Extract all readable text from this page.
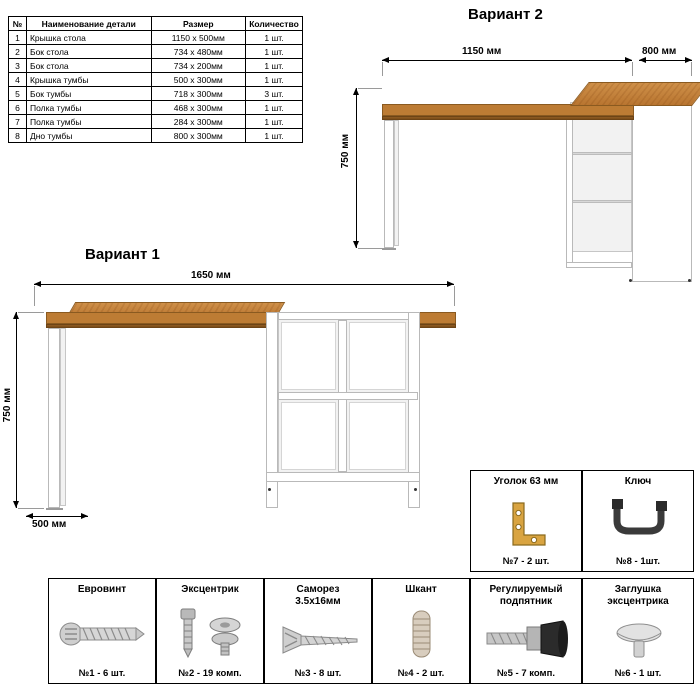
№	Наименование детали	Размер	Количество
1	Крышка стола	1150 x 500мм	1 шт.
2	Бок стола	734 x 480мм	1 шт.
3	Бок стола	734 x 200мм	1 шт.
4	Крышка тумбы	500 x 300мм	1 шт.
5	Бок тумбы	718 x 300мм	3 шт.
6	Полка тумбы	468 x 300мм	1 шт.
7	Полка тумбы	284 x 300мм	1 шт.
8	Дно тумбы	800 x 300мм	1 шт.
Вариант 2
1150 мм	800 мм
750 мм
Вариант 1
1650 мм
750 мм
500 мм
Уголок 63 мм
№7 - 2 шт.
Ключ
№8 - 1шт.
Евровинт
№1 - 6 шт.
Эксцентрик
№2 - 19 комп.
Саморез
3.5x16мм
№3 - 8 шт.
Шкант
№4 - 2 шт.
Регулируемый
подпятник
№5 - 7 комп.
Заглушка
эксцентрика
№6 - 1 шт.
